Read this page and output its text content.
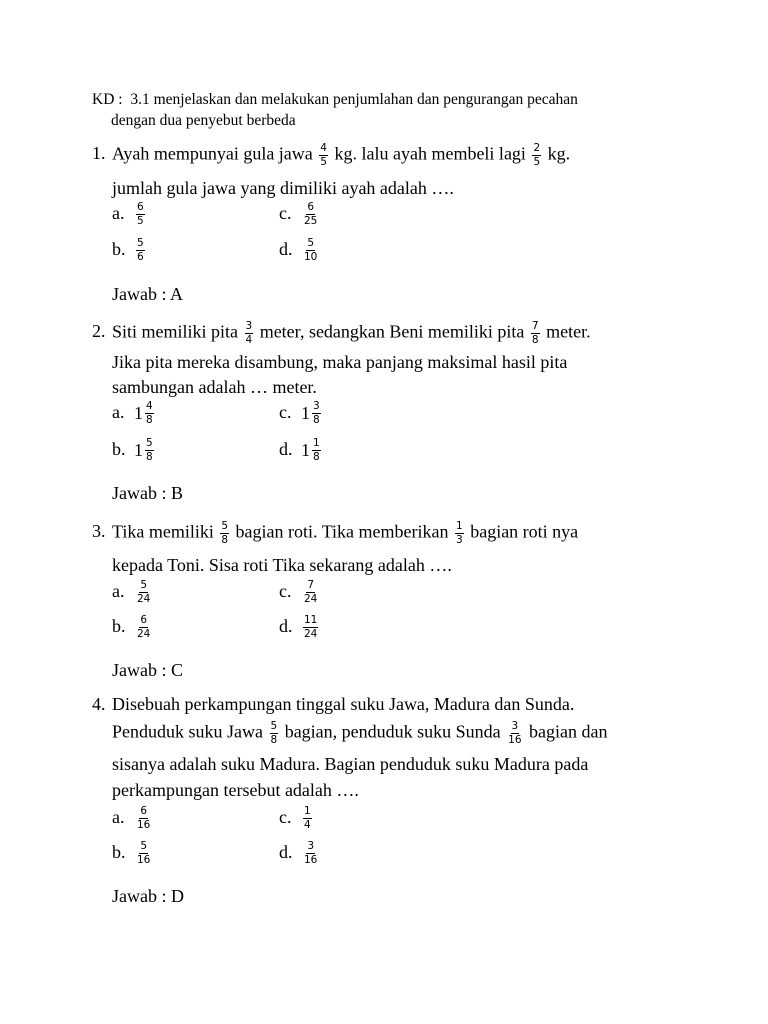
KD : 3.1 menjelaskan dan melakukan penjumlahan dan pengurangan pecahan
dengan dua penyebut berbeda
1. Ayah mempunyai gula jawa $\frac{4}{5}$ kg. lalu ayah membeli lagi $\frac{2}{5}$ kg.
jumlah gula jawa yang dimiliki ayah adalah ….
a. $\frac{6}{5}$	c. $\frac{6}{25}$
b. $\frac{5}{6}$	d. $\frac{5}{10}$
Jawab : A
2. Siti memiliki pita $\frac{3}{4}$ meter, sedangkan Beni memiliki pita $\frac{7}{8}$ meter.
Jika pita mereka disambung, maka panjang maksimal hasil pita
sambungan adalah … meter.
a. $1 \frac{4}{8}$	c. $1 \frac{3}{8}$
b. $1 \frac{5}{8}$	d. $1 \frac{1}{8}$
Jawab : B
3. Tika memiliki $\frac{5}{8}$ bagian roti. Tika memberikan $\frac{1}{3}$ bagian roti nya
kepada Toni. Sisa roti Tika sekarang adalah ….
a. $\frac{5}{24}$	c. $\frac{7}{24}$
b. $\frac{6}{24}$	d. $\frac{11}{24}$
Jawab : C
4. Disebuah perkampungan tinggal suku Jawa, Madura dan Sunda.
Penduduk suku Jawa $\frac{5}{8}$ bagian, penduduk suku Sunda $\frac{3}{16}$ bagian dan
sisanya adalah suku Madura. Bagian penduduk suku Madura pada
perkampungan tersebut adalah ….
a. $\frac{6}{16}$	c. $\frac{1}{4}$
b. $\frac{5}{16}$	d. $\frac{3}{16}$
Jawab : D
